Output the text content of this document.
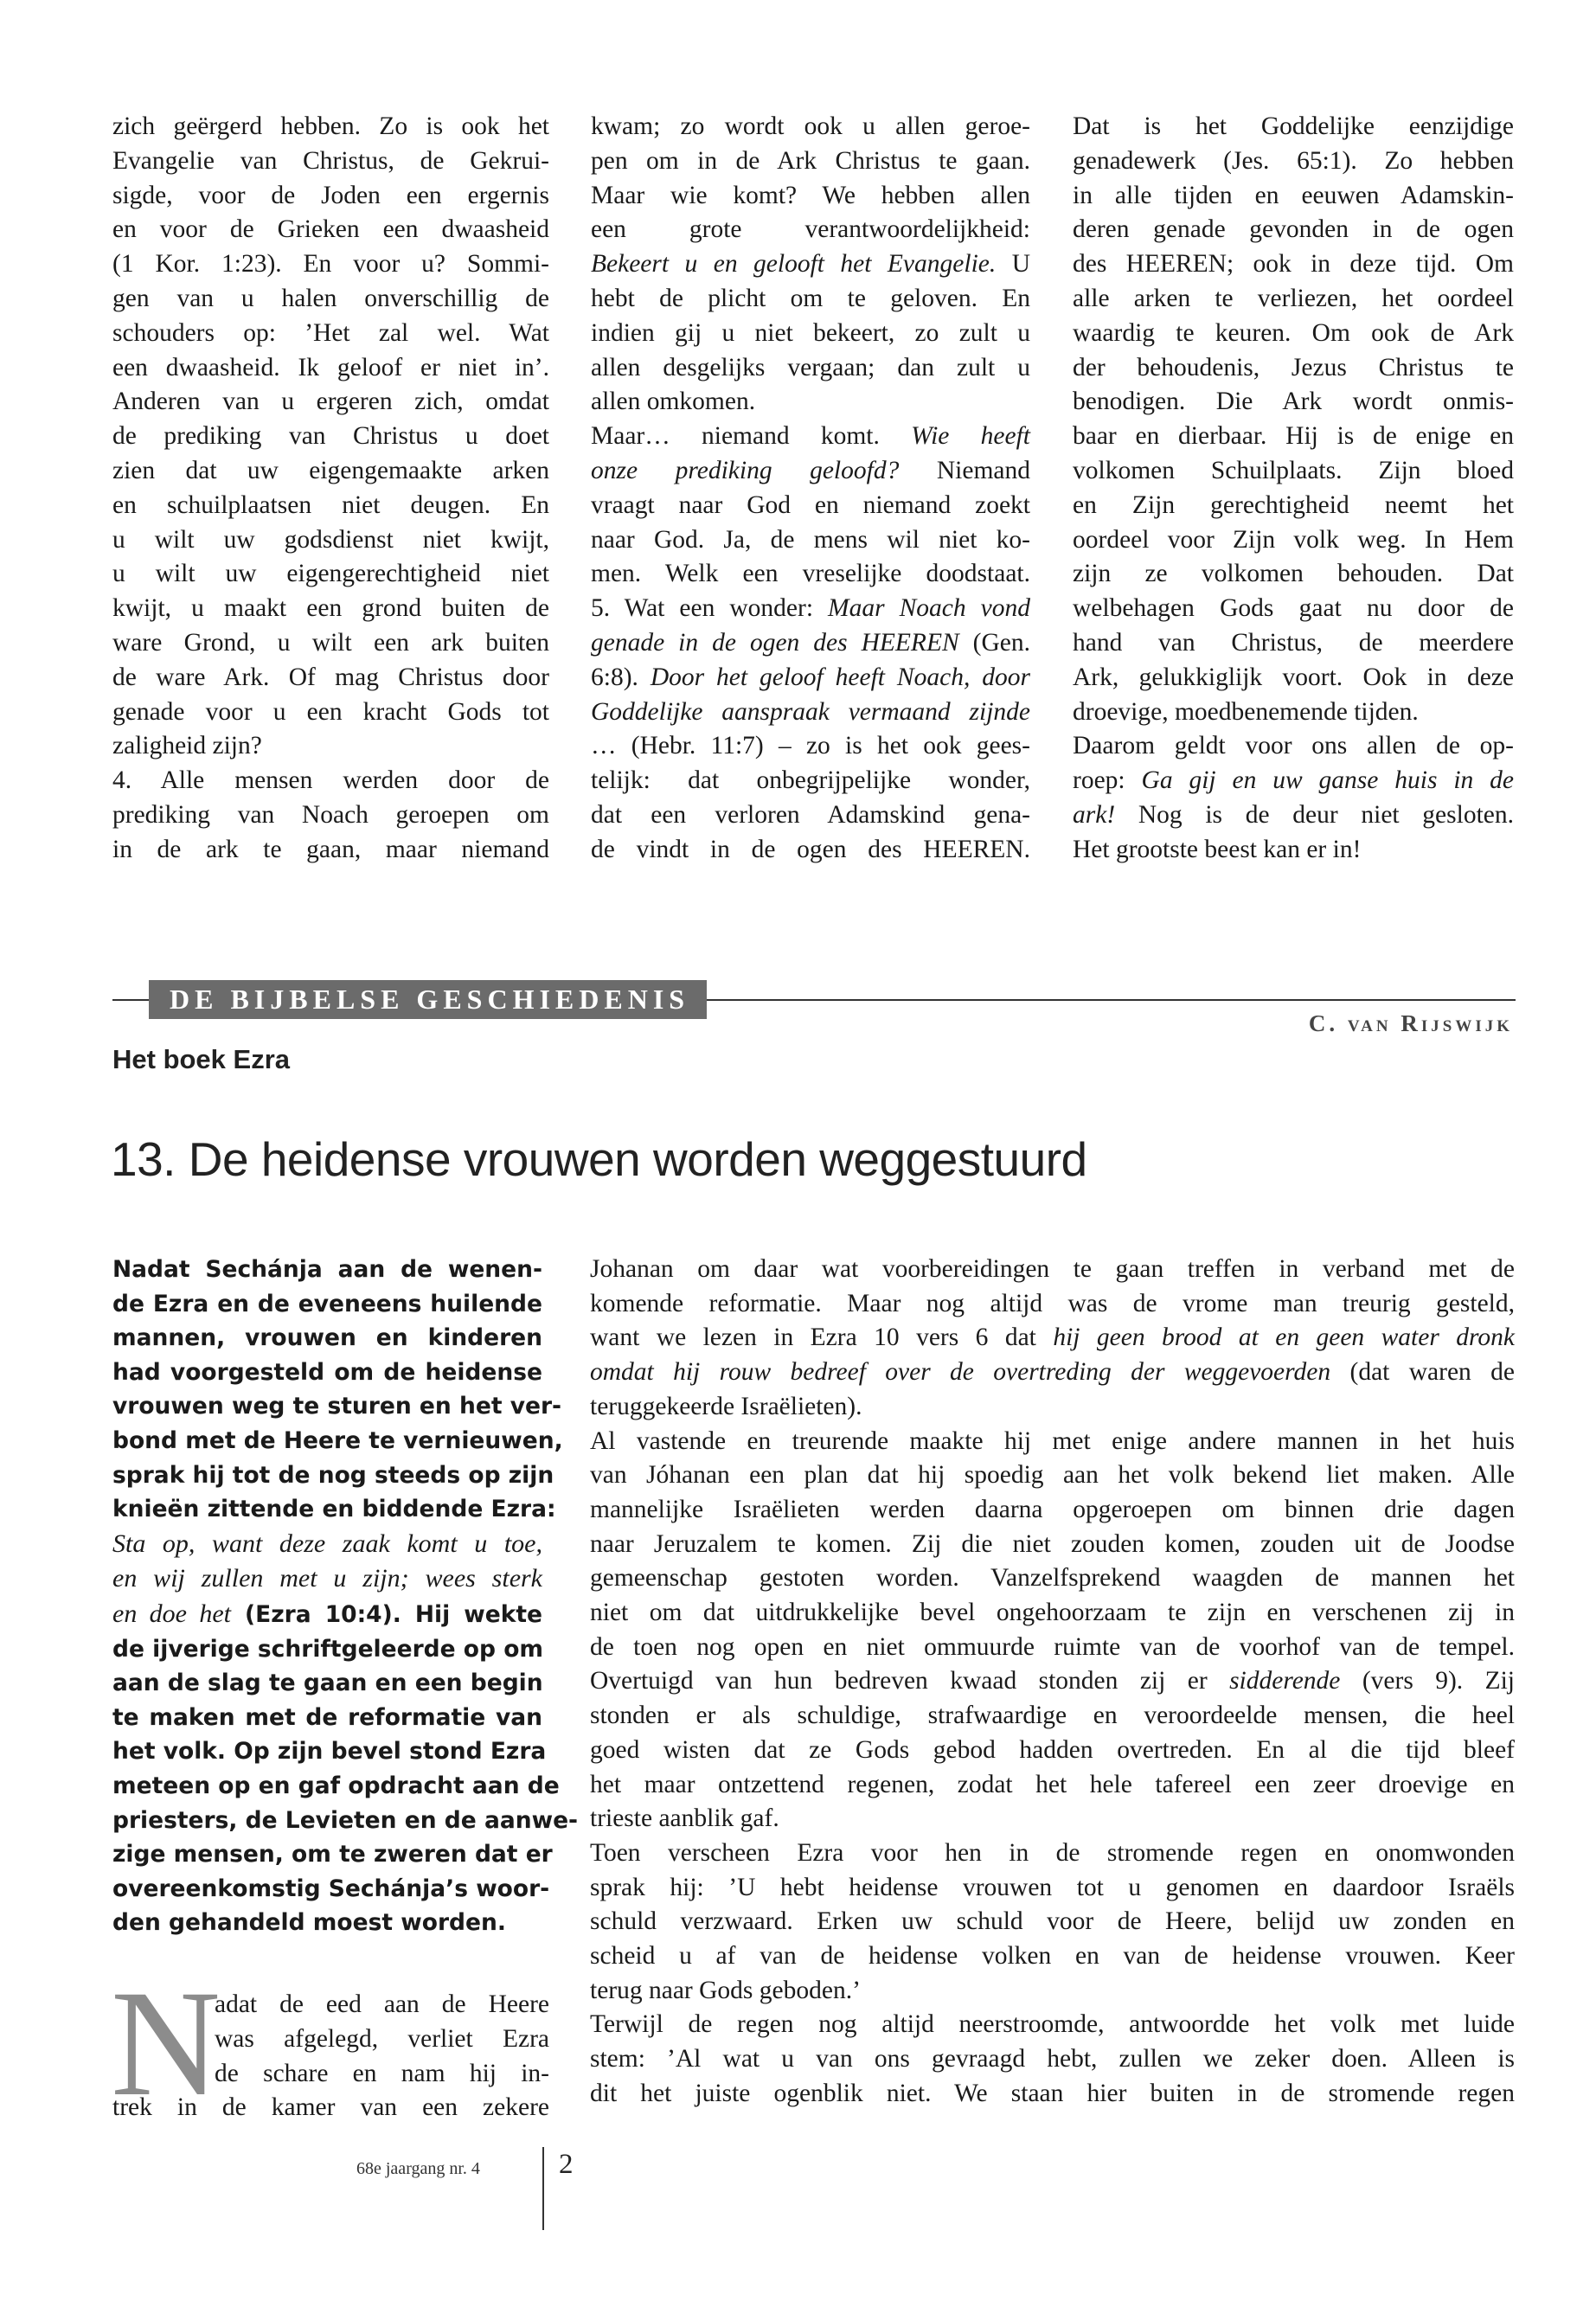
zich geërgerd hebben. Zo is ook het
Evangelie van Christus, de Gekrui-
sigde, voor de Joden een ergernis
en voor de Grieken een dwaasheid
(1 Kor. 1:23). En voor u? Sommi-
gen van u halen onverschillig de
schouders op: ’Het zal wel. Wat
een dwaasheid. Ik geloof er niet in’.
Anderen van u ergeren zich, omdat
de prediking van Christus u doet
zien dat uw eigengemaakte arken
en schuilplaatsen niet deugen. En
u wilt uw godsdienst niet kwijt,
u wilt uw eigengerechtigheid niet
kwijt, u maakt een grond buiten de
ware Grond, u wilt een ark buiten
de ware Ark. Of mag Christus door
genade voor u een kracht Gods tot
zaligheid zijn?
4. Alle mensen werden door de
prediking van Noach geroepen om
in de ark te gaan, maar niemand
kwam; zo wordt ook u allen geroe-
pen om in de Ark Christus te gaan.
Maar wie komt? We hebben allen
een grote verantwoordelijkheid:
Bekeert u en gelooft het Evangelie. U
hebt de plicht om te geloven. En
indien gij u niet bekeert, zo zult u
allen desgelijks vergaan; dan zult u
allen omkomen.
Maar… niemand komt. Wie heeft
onze prediking geloofd? Niemand
vraagt naar God en niemand zoekt
naar God. Ja, de mens wil niet ko-
men. Welk een vreselijke doodstaat.
5. Wat een wonder: Maar Noach vond
genade in de ogen des HEEREN (Gen.
6:8). Door het geloof heeft Noach, door
Goddelijke aanspraak vermaand zijnde
… (Hebr. 11:7) – zo is het ook gees-
telijk: dat onbegrijpelijke wonder,
dat een verloren Adamskind gena-
de vindt in de ogen des HEEREN.
Dat is het Goddelijke eenzijdige
genadewerk (Jes. 65:1). Zo hebben
in alle tijden en eeuwen Adamskin-
deren genade gevonden in de ogen
des HEEREN; ook in deze tijd. Om
alle arken te verliezen, het oordeel
waardig te keuren. Om ook de Ark
der behoudenis, Jezus Christus te
benodigen. Die Ark wordt onmis-
baar en dierbaar. Hij is de enige en
volkomen Schuilplaats. Zijn bloed
en Zijn gerechtigheid neemt het
oordeel voor Zijn volk weg. In Hem
zijn ze volkomen behouden. Dat
welbehagen Gods gaat nu door de
hand van Christus, de meerdere
Ark, gelukkiglijk voort. Ook in deze
droevige, moedbenemende tijden.
Daarom geldt voor ons allen de op-
roep: Ga gij en uw ganse huis in de
ark! Nog is de deur niet gesloten.
Het grootste beest kan er in!
DE BIJBELSE GESCHIEDENIS
C. van Rijswijk
Het boek Ezra
13. De heidense vrouwen worden weggestuurd
Nadat Sechánja aan de wenen-
de Ezra en de eveneens huilende
mannen, vrouwen en kinderen
had voorgesteld om de heidense
vrouwen weg te sturen en het ver-
bond met de Heere te vernieuwen,
sprak hij tot de nog steeds op zijn
knieën zittende en biddende Ezra:
Sta op, want deze zaak komt u toe,
en wij zullen met u zijn; wees sterk
en doe het (Ezra 10:4). Hij wekte
de ijverige schriftgeleerde op om
aan de slag te gaan en een begin
te maken met de reformatie van
het volk. Op zijn bevel stond Ezra
meteen op en gaf opdracht aan de
priesters, de Levieten en de aanwe-
zige mensen, om te zweren dat er
overeenkomstig Sechánja’s woor-
den gehandeld moest worden.
N
adat de eed aan de Heere
was afgelegd, verliet Ezra
de schare en nam hij in-
trek in de kamer van een zekere
Johanan om daar wat voorbereidingen te gaan treffen in verband met de
komende reformatie. Maar nog altijd was de vrome man treurig gesteld,
want we lezen in Ezra 10 vers 6 dat hij geen brood at en geen water dronk
omdat hij rouw bedreef over de overtreding der weggevoerden (dat waren de
teruggekeerde Israëlieten).
Al vastende en treurende maakte hij met enige andere mannen in het huis
van Jóhanan een plan dat hij spoedig aan het volk bekend liet maken. Alle
mannelijke Israëlieten werden daarna opgeroepen om binnen drie dagen
naar Jeruzalem te komen. Zij die niet zouden komen, zouden uit de Joodse
gemeenschap gestoten worden. Vanzelfsprekend waagden de mannen het
niet om dat uitdrukkelijke bevel ongehoorzaam te zijn en verschenen zij in
de toen nog open en niet ommuurde ruimte van de voorhof van de tempel.
Overtuigd van hun bedreven kwaad stonden zij er sidderende (vers 9). Zij
stonden er als schuldige, strafwaardige en veroordeelde mensen, die heel
goed wisten dat ze Gods gebod hadden overtreden. En al die tijd bleef
het maar ontzettend regenen, zodat het hele tafereel een zeer droevige en
trieste aanblik gaf.
Toen verscheen Ezra voor hen in de stromende regen en onomwonden
sprak hij: ’U hebt heidense vrouwen tot u genomen en daardoor Israëls
schuld verzwaard. Erken uw schuld voor de Heere, belijd uw zonden en
scheid u af van de heidense volken en van de heidense vrouwen. Keer
terug naar Gods geboden.’
Terwijl de regen nog altijd neerstroomde, antwoordde het volk met luide
stem: ’Al wat u van ons gevraagd hebt, zullen we zeker doen. Alleen is
dit het juiste ogenblik niet. We staan hier buiten in de stromende regen
68e jaargang nr. 4	2
